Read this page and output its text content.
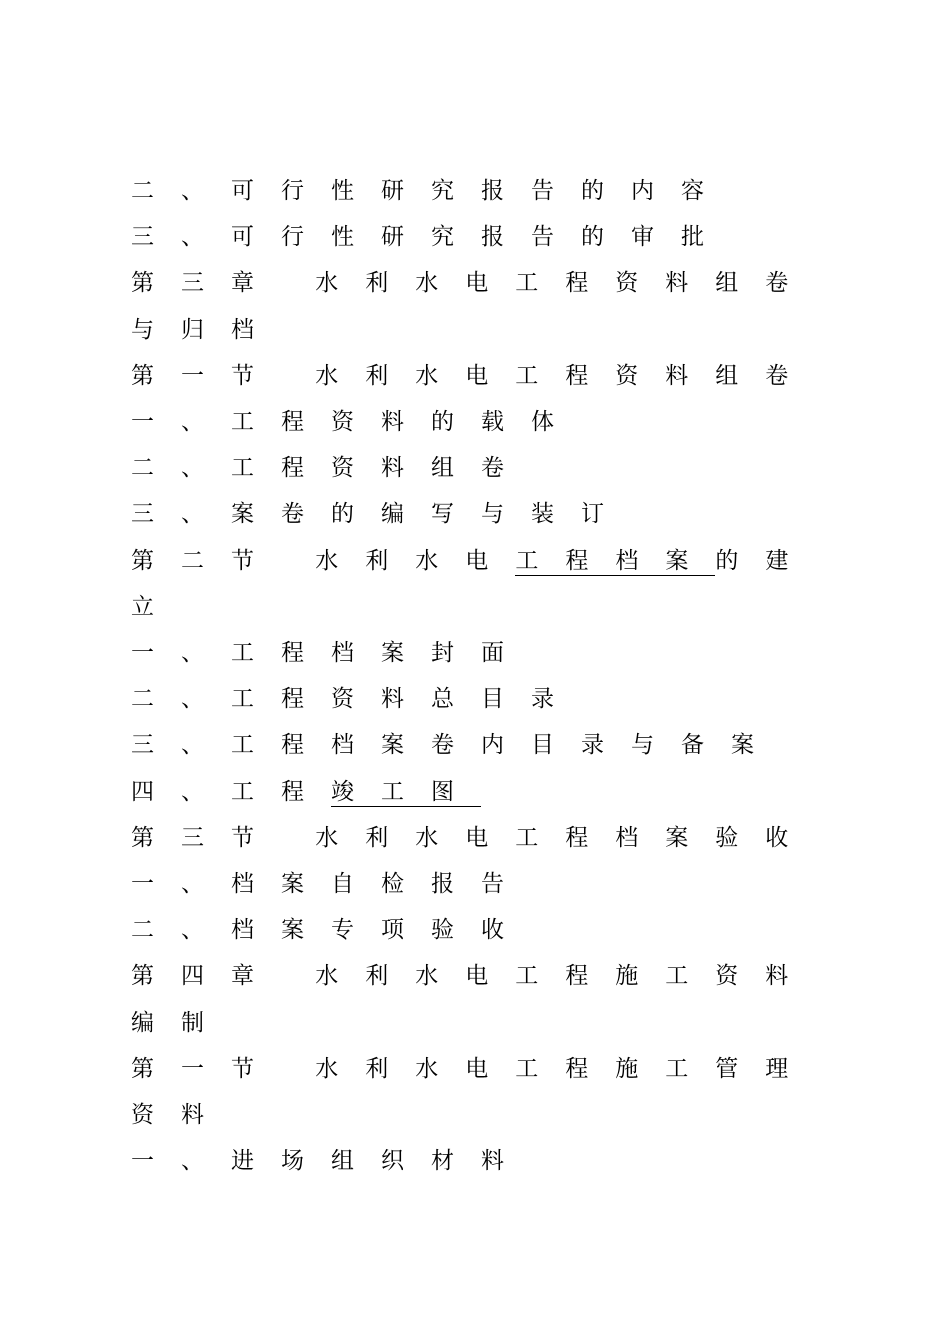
二、可行性研究报告的内容
三、可行性研究报告的审批
第三章 水利水电工程资料组卷
与归档
第一节 水利水电工程资料组卷
一、工程资料的载体
二、工程资料组卷
三、案卷的编写与装订
第二节 水利水电工程档案的建
立
一、工程档案封面
二、工程资料总目录
三、工程档案卷内目录与备案
四、工程竣工图
第三节 水利水电工程档案验收
一、档案自检报告
二、档案专项验收
第四章 水利水电工程施工资料
编制
第一节 水利水电工程施工管理
资料
一、进场组织材料
